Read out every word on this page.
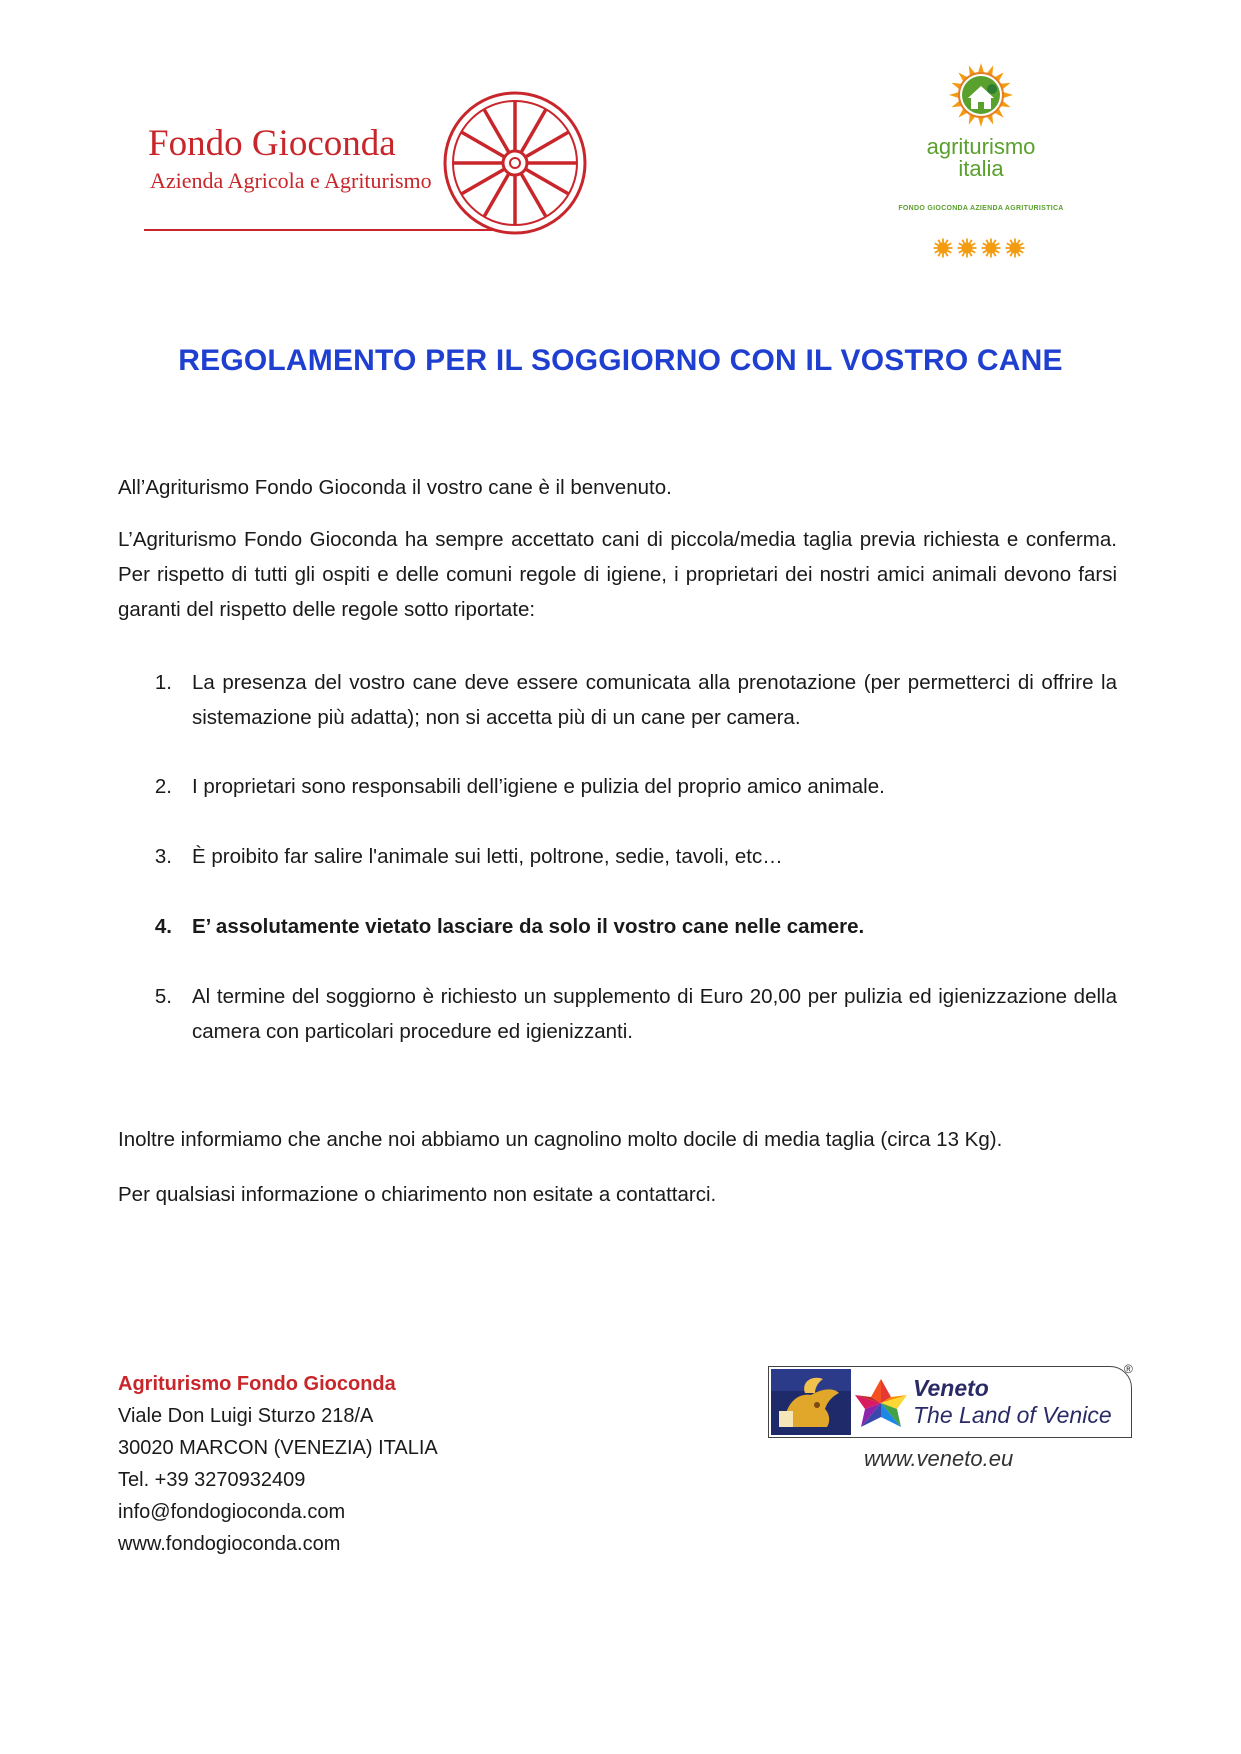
Fondo Gioconda
Azienda Agricola e Agriturismo
agriturismo
italia
FONDO GIOCONDA AZIENDA AGRITURISTICA
REGOLAMENTO PER IL SOGGIORNO CON IL VOSTRO CANE
All’Agriturismo Fondo Gioconda il vostro cane è il benvenuto.
L’Agriturismo Fondo Gioconda ha sempre accettato cani di piccola/media taglia previa richiesta e conferma. Per rispetto di tutti gli ospiti e delle comuni regole di igiene, i proprietari dei nostri amici animali devono farsi garanti del rispetto delle regole sotto riportate:
1. La presenza del vostro cane deve essere comunicata alla prenotazione (per permetterci di offrire la sistemazione più adatta); non si accetta più di un cane per camera.
2. I proprietari sono responsabili dell’igiene e pulizia del proprio amico animale.
3. È proibito far salire l'animale sui letti, poltrone, sedie, tavoli, etc…
4. E’ assolutamente vietato lasciare da solo il vostro cane nelle camere.
5. Al termine del soggiorno è richiesto un supplemento di Euro 20,00 per pulizia ed igienizzazione della camera con particolari procedure ed igienizzanti.
Inoltre informiamo che anche noi abbiamo un cagnolino molto docile di media taglia (circa 13 Kg).
Per qualsiasi informazione o chiarimento non esitate a contattarci.
Agriturismo Fondo Gioconda
Viale Don Luigi Sturzo 218/A
30020 MARCON (VENEZIA) ITALIA
Tel. +39 3270932409
info@fondogioconda.com
www.fondogioconda.com
Veneto
The Land of Venice
®
www.veneto.eu
